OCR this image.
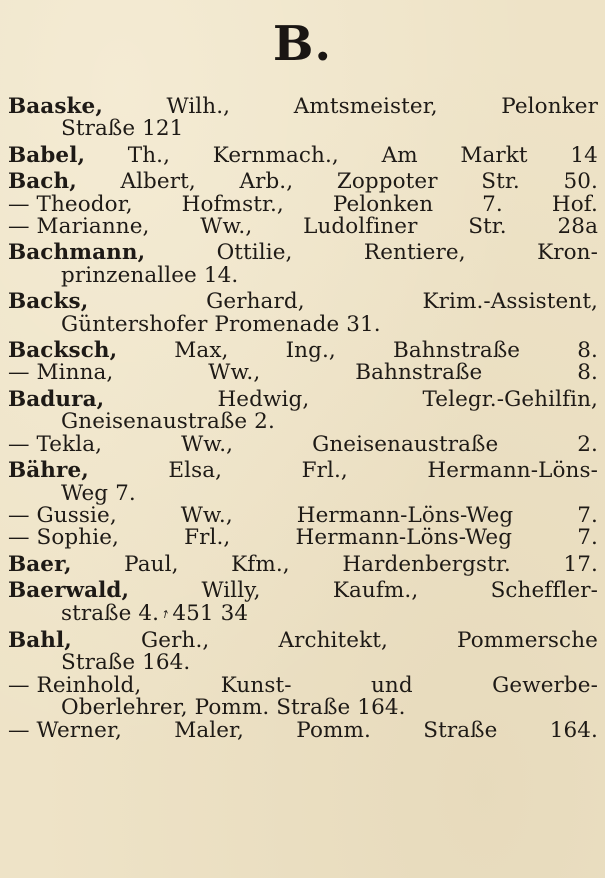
B.
Baaske,	Wilh.,	Amtsmeister,	Pelonker
Straße 121
Babel, Th., Kernmach., Am Markt 14
Bach, Albert, Arb., Zoppoter Str. 50.
— Theodor, Hofmstr., Pelonken 7. Hof.
— Marianne, Ww., Ludolfiner Str. 28a
Bachmann,	Ottilie,	Rentiere,	Kron-
prinzenallee 14.
Backs,	Gerhard,	Krim.-Assistent,
Güntershofer Promenade 31.
Backsch,	Max,	Ing.,	Bahnstraße	8.
— Minna,	Ww.,	Bahnstraße	8.
Badura,	Hedwig,	Telegr.-Gehilfin,
Gneisenaustraße 2.
— Tekla,	Ww.,	Gneisenaustraße	2.
Bähre,	Elsa,	Frl.,	Hermann-Löns-
Weg 7.
— Gussie,	Ww.,	Hermann-Löns-Weg	7.
— Sophie,	Frl.,	Hermann-Löns-Weg	7.
Baer, Paul, Kfm., Hardenbergstr. 17.
Baerwald,	Willy,	Kaufm.,	Scheffler-
straße 4. ⭎ 451 34
Bahl,	Gerh.,	Architekt,	Pommersche
Straße 164.
— Reinhold,	Kunst-	und	Gewerbe-
Oberlehrer, Pomm. Straße 164.
— Werner, Maler, Pomm. Straße 164.
